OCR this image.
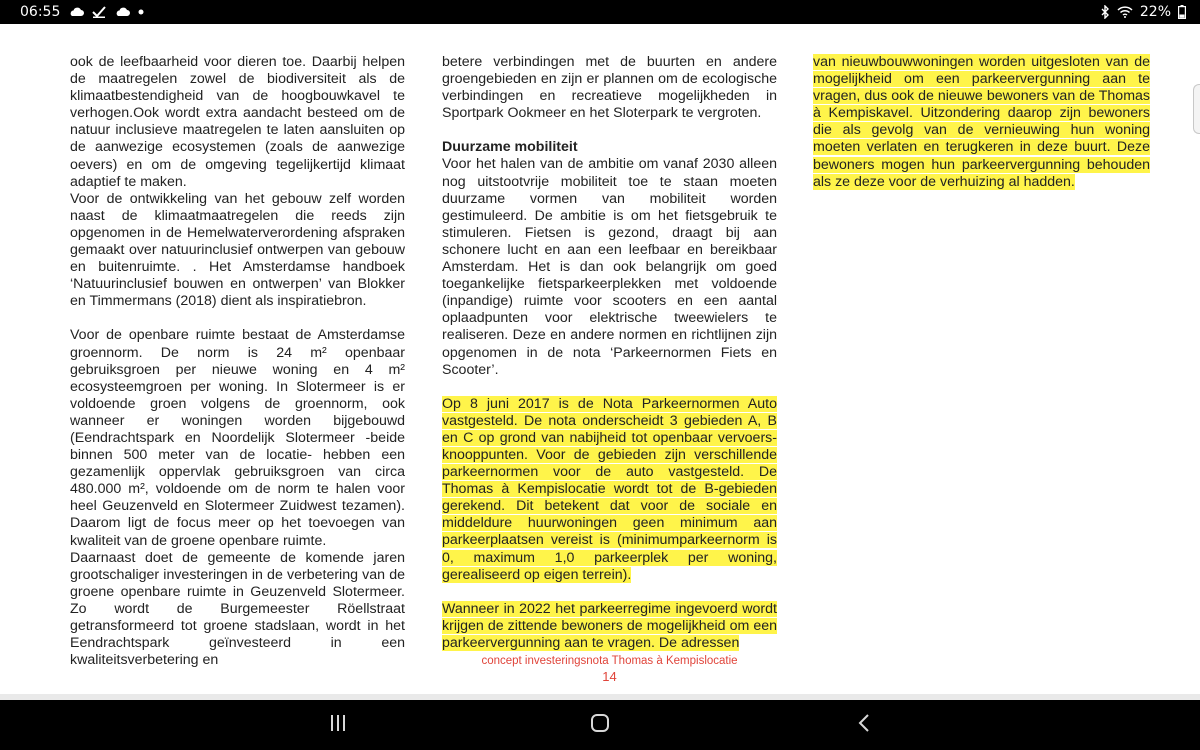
06:55	22%

ook de leefbaarheid voor dieren toe. Daarbij helpen de maatregelen zowel de biodiversiteit als de klimaatbestendigheid van de hoogbouwkavel te verhogen.Ook wordt extra aandacht besteed om de natuur inclusieve maatregelen te laten aansluiten op de aanwezige ecosystemen (zoals de aanwezige oevers) en om de omgeving tegelijkertijd klimaat adaptief te maken.

Voor de ontwikkeling van het gebouw zelf worden naast de klimaatmaatregelen die reeds zijn opgenomen in de Hemelwaterverordening afspraken gemaakt over natuurinclusief ontwerpen van gebouw en buitenruimte. . Het Amsterdamse handboek ‘Natuurinclusief bouwen en ontwerpen’ van Blokker en Timmermans (2018) dient als inspiratiebron.

Voor de openbare ruimte bestaat de Amsterdamse groennorm. De norm is 24 m² openbaar gebruiksgroen per nieuwe woning en 4 m² ecosysteemgroen per woning. In Slotermeer is er voldoende groen volgens de groennorm, ook wanneer er woningen worden bijgebouwd (Eendrachtspark en Noordelijk Slotermeer -beide binnen 500 meter van de locatie- hebben een gezamenlijk oppervlak gebruiksgroen van circa 480.000 m², voldoende om de norm te halen voor heel Geuzenveld en Slotermeer Zuidwest tezamen). Daarom ligt de focus meer op het toevoegen van kwaliteit van de groene openbare ruimte.

Daarnaast doet de gemeente de komende jaren grootschaliger investeringen in de verbetering van de groene openbare ruimte in Geuzenveld Slotermeer. Zo wordt de Burgemeester Röellstraat getransformeerd tot groene stadslaan, wordt in het Eendrachtspark geïnvesteerd in een kwaliteitsverbetering en

betere verbindingen met de buurten en andere groengebieden en zijn er plannen om de ecologische verbindingen en recreatieve mogelijkheden in Sportpark Ookmeer en het Sloterpark te vergroten.

Duurzame mobiliteit

Voor het halen van de ambitie om vanaf 2030 alleen nog uitstootvrije mobiliteit toe te staan moeten duurzame vormen van mobiliteit worden gestimuleerd. De ambitie is om het fietsgebruik te stimuleren. Fietsen is gezond, draagt bij aan schonere lucht en aan een leefbaar en bereikbaar Amsterdam. Het is dan ook belangrijk om goed toegankelijke fietsparkeerplekken met voldoende (inpandige) ruimte voor scooters en een aantal oplaadpunten voor elektrische tweewielers te realiseren. Deze en andere normen en richtlijnen zijn opgenomen in de nota ‘Parkeernormen Fiets en Scooter’.

Op 8 juni 2017 is de Nota Parkeernormen Auto vastgesteld. De nota onderscheidt 3 gebieden A, B en C op grond van nabijheid tot openbaar vervoers-knooppunten. Voor de gebieden zijn verschillende parkeernormen voor de auto vastgesteld. De Thomas à Kempislocatie wordt tot de B-gebieden gerekend. Dit betekent dat voor de sociale en middeldure huurwoningen geen minimum aan parkeerplaatsen vereist is (minimumparkeernorm is 0, maximum 1,0 parkeerplek per woning, gerealiseerd op eigen terrein).

Wanneer in 2022 het parkeerregime ingevoerd wordt krijgen de zittende bewoners de mogelijkheid om een parkeervergunning aan te vragen. De adressen

van nieuwbouwwoningen worden uitgesloten van de mogelijkheid om een parkeervergunning aan te vragen, dus ook de nieuwe bewoners van de Thomas à Kempiskavel. Uitzondering daarop zijn bewoners die als gevolg van de vernieuwing hun woning moeten verlaten en terugkeren in deze buurt. Deze bewoners mogen hun parkeervergunning behouden als ze deze voor de verhuizing al hadden.

concept investeringsnota Thomas à Kempislocatie
14
